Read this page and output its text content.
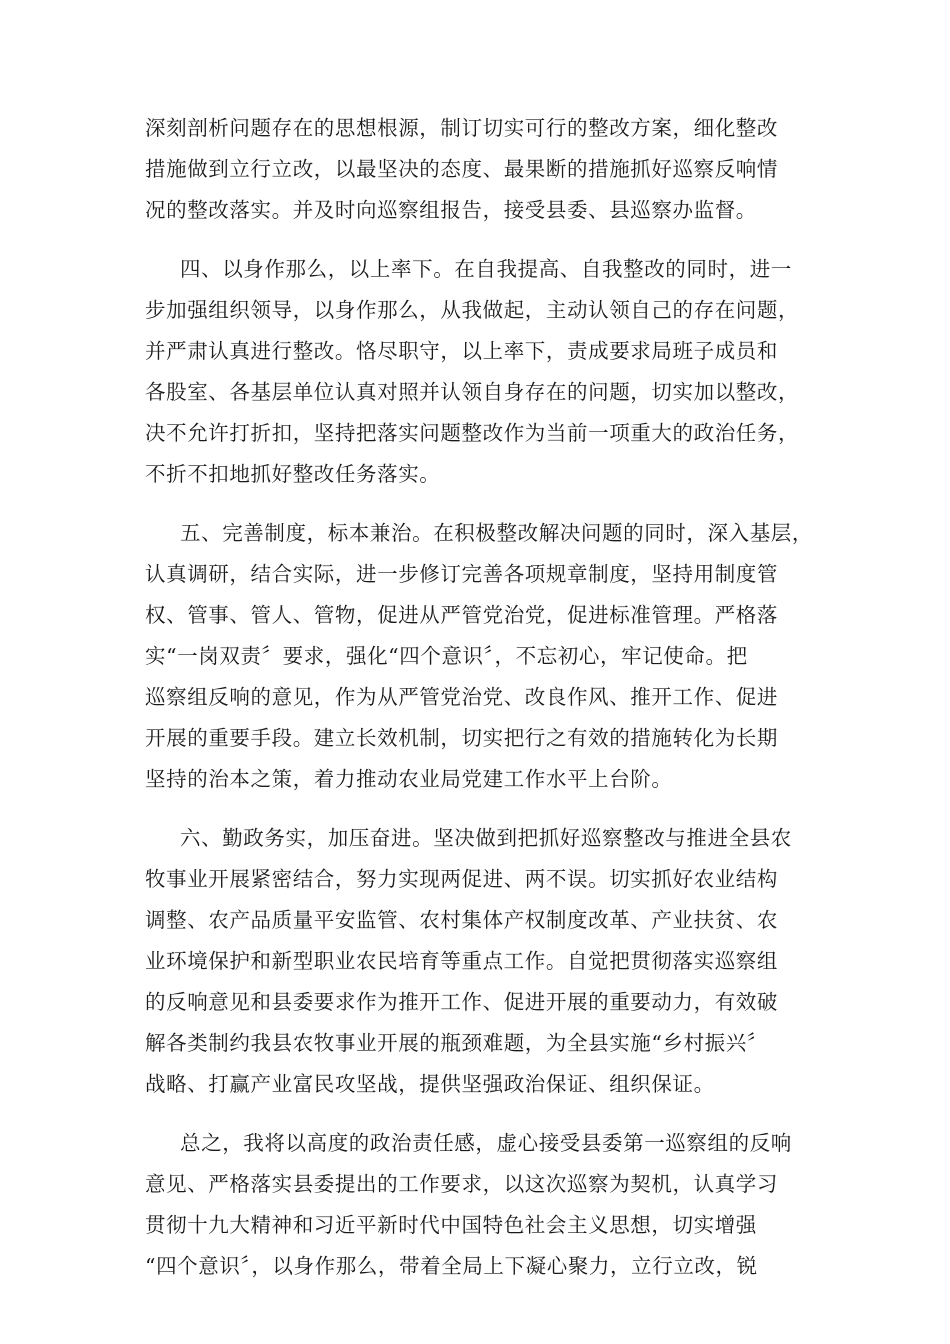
深刻剖析问题存在的思想根源，制订切实可行的整改方案，细化整改

措施做到立行立改，以最坚决的态度、最果断的措施抓好巡察反响情

况的整改落实。并及时向巡察组报告，接受县委、县巡察办监督。

四、以身作那么，以上率下。在自我提高、自我整改的同时，进一

步加强组织领导，以身作那么，从我做起，主动认领自己的存在问题，

并严肃认真进行整改。恪尽职守，以上率下，责成要求局班子成员和

各股室、各基层单位认真对照并认领自身存在的问题，切实加以整改，

决不允许打折扣，坚持把落实问题整改作为当前一项重大的政治任务，

不折不扣地抓好整改任务落实。

五、完善制度，标本兼治。在积极整改解决问题的同时，深入基层，

认真调研，结合实际，进一步修订完善各项规章制度，坚持用制度管

权、管事、管人、管物，促进从严管党治党，促进标准管理。严格落

实“一岗双责〞要求，强化“四个意识〞，不忘初心，牢记使命。把

巡察组反响的意见，作为从严管党治党、改良作风、推开工作、促进

开展的重要手段。建立长效机制，切实把行之有效的措施转化为长期

坚持的治本之策，着力推动农业局党建工作水平上台阶。

六、勤政务实，加压奋进。坚决做到把抓好巡察整改与推进全县农

牧事业开展紧密结合，努力实现两促进、两不误。切实抓好农业结构

调整、农产品质量平安监管、农村集体产权制度改革、产业扶贫、农

业环境保护和新型职业农民培育等重点工作。自觉把贯彻落实巡察组

的反响意见和县委要求作为推开工作、促进开展的重要动力，有效破

解各类制约我县农牧事业开展的瓶颈难题，为全县实施“乡村振兴〞

战略、打赢产业富民攻坚战，提供坚强政治保证、组织保证。

总之，我将以高度的政治责任感，虚心接受县委第一巡察组的反响

意见、严格落实县委提出的工作要求，以这次巡察为契机，认真学习

贯彻十九大精神和习近平新时代中国特色社会主义思想，切实增强

“四个意识〞，以身作那么，带着全局上下凝心聚力，立行立改，锐
